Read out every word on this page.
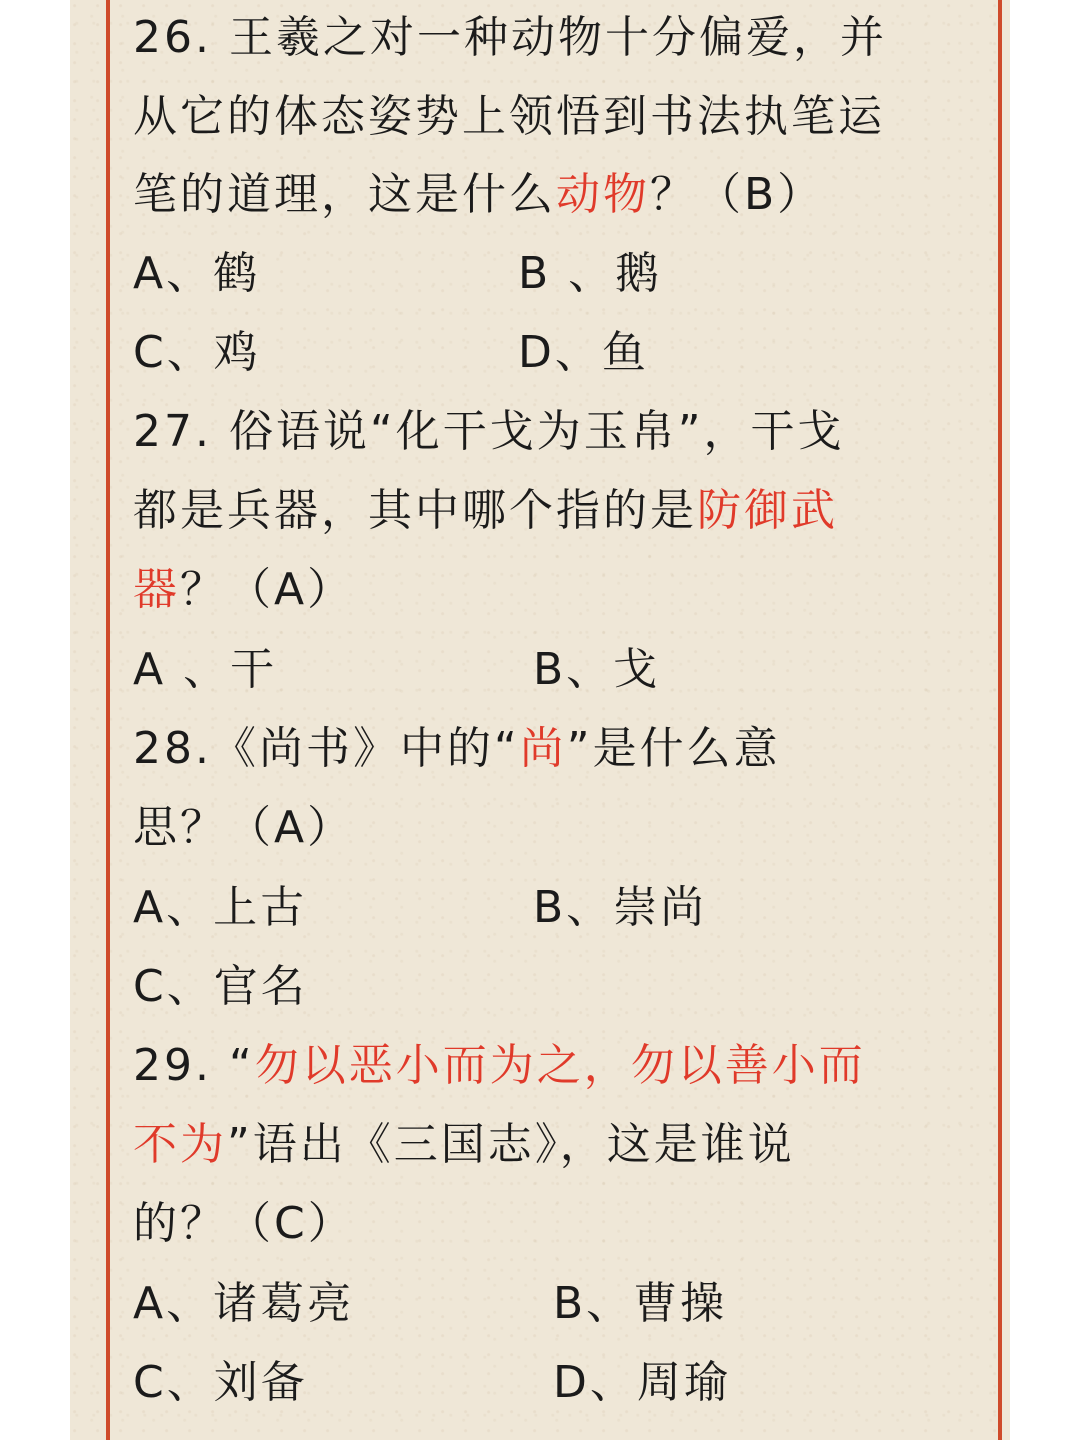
26. 王羲之对一种动物十分偏爱，并
从它的体态姿势上领悟到书法执笔运
笔的道理，这是什么动物？（B）
A、鹤	B 、鹅
C、鸡	D、鱼
27. 俗语说“化干戈为玉帛”，干戈
都是兵器，其中哪个指的是防御武
器？（A）
A 、干	B、戈
28.《尚书》中的“尚”是什么意
思？（A）
A、上古	B、崇尚
C、官名
29. “勿以恶小而为之，勿以善小而
不为”语出《三国志》，这是谁说
的？（C）
A、诸葛亮	B、曹操
C、刘备	D、周瑜
